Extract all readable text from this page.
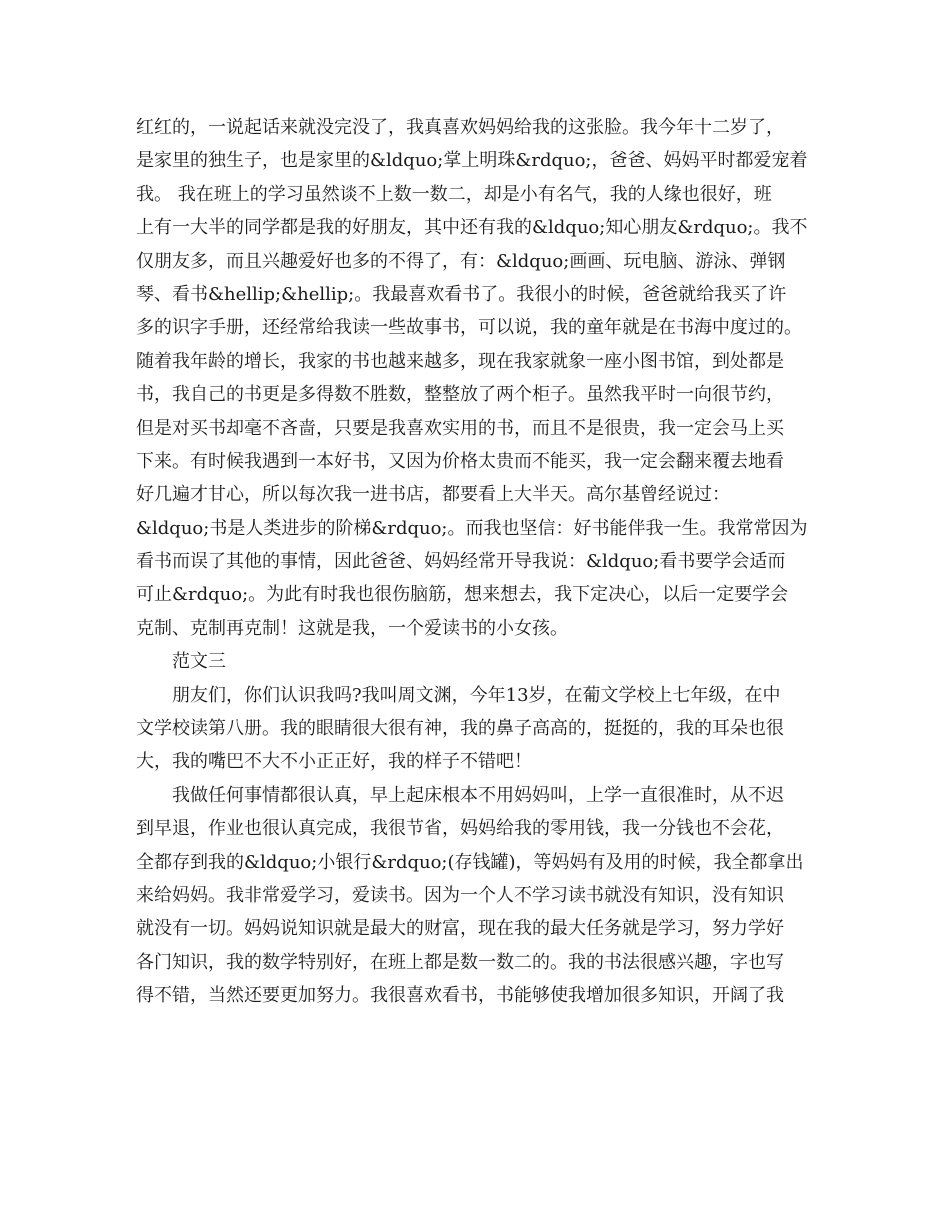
红红的，一说起话来就没完没了，我真喜欢妈妈给我的这张脸。我今年十二岁了，
是家里的独生子，也是家里的&ldquo;掌上明珠&rdquo;，爸爸、妈妈平时都爱宠着
我。 我在班上的学习虽然谈不上数一数二，却是小有名气，我的人缘也很好，班
上有一大半的同学都是我的好朋友，其中还有我的&ldquo;知心朋友&rdquo;。我不
仅朋友多，而且兴趣爱好也多的不得了，有：&ldquo;画画、玩电脑、游泳、弹钢
琴、看书&hellip;&hellip;。我最喜欢看书了。我很小的时候，爸爸就给我买了许
多的识字手册，还经常给我读一些故事书，可以说，我的童年就是在书海中度过的。
随着我年龄的增长，我家的书也越来越多，现在我家就象一座小图书馆，到处都是
书，我自己的书更是多得数不胜数，整整放了两个柜子。虽然我平时一向很节约，
但是对买书却毫不吝啬，只要是我喜欢实用的书，而且不是很贵，我一定会马上买
下来。有时候我遇到一本好书，又因为价格太贵而不能买，我一定会翻来覆去地看
好几遍才甘心，所以每次我一进书店，都要看上大半天。高尔基曾经说过：
&ldquo;书是人类进步的阶梯&rdquo;。而我也坚信：好书能伴我一生。我常常因为
看书而误了其他的事情，因此爸爸、妈妈经常开导我说：&ldquo;看书要学会适而
可止&rdquo;。为此有时我也很伤脑筋，想来想去，我下定决心，以后一定要学会
克制、克制再克制！这就是我，一个爱读书的小女孩。
范文三
朋友们，你们认识我吗?我叫周文渊，今年13岁，在葡文学校上七年级，在中
文学校读第八册。我的眼睛很大很有神，我的鼻子高高的，挺挺的，我的耳朵也很
大，我的嘴巴不大不小正正好，我的样子不错吧！
我做任何事情都很认真，早上起床根本不用妈妈叫，上学一直很准时，从不迟
到早退，作业也很认真完成，我很节省，妈妈给我的零用钱，我一分钱也不会花，
全都存到我的&ldquo;小银行&rdquo;(存钱罐)，等妈妈有及用的时候，我全都拿出
来给妈妈。我非常爱学习，爱读书。因为一个人不学习读书就没有知识，没有知识
就没有一切。妈妈说知识就是最大的财富，现在我的最大任务就是学习，努力学好
各门知识，我的数学特别好，在班上都是数一数二的。我的书法很感兴趣，字也写
得不错，当然还要更加努力。我很喜欢看书，书能够使我增加很多知识，开阔了我
